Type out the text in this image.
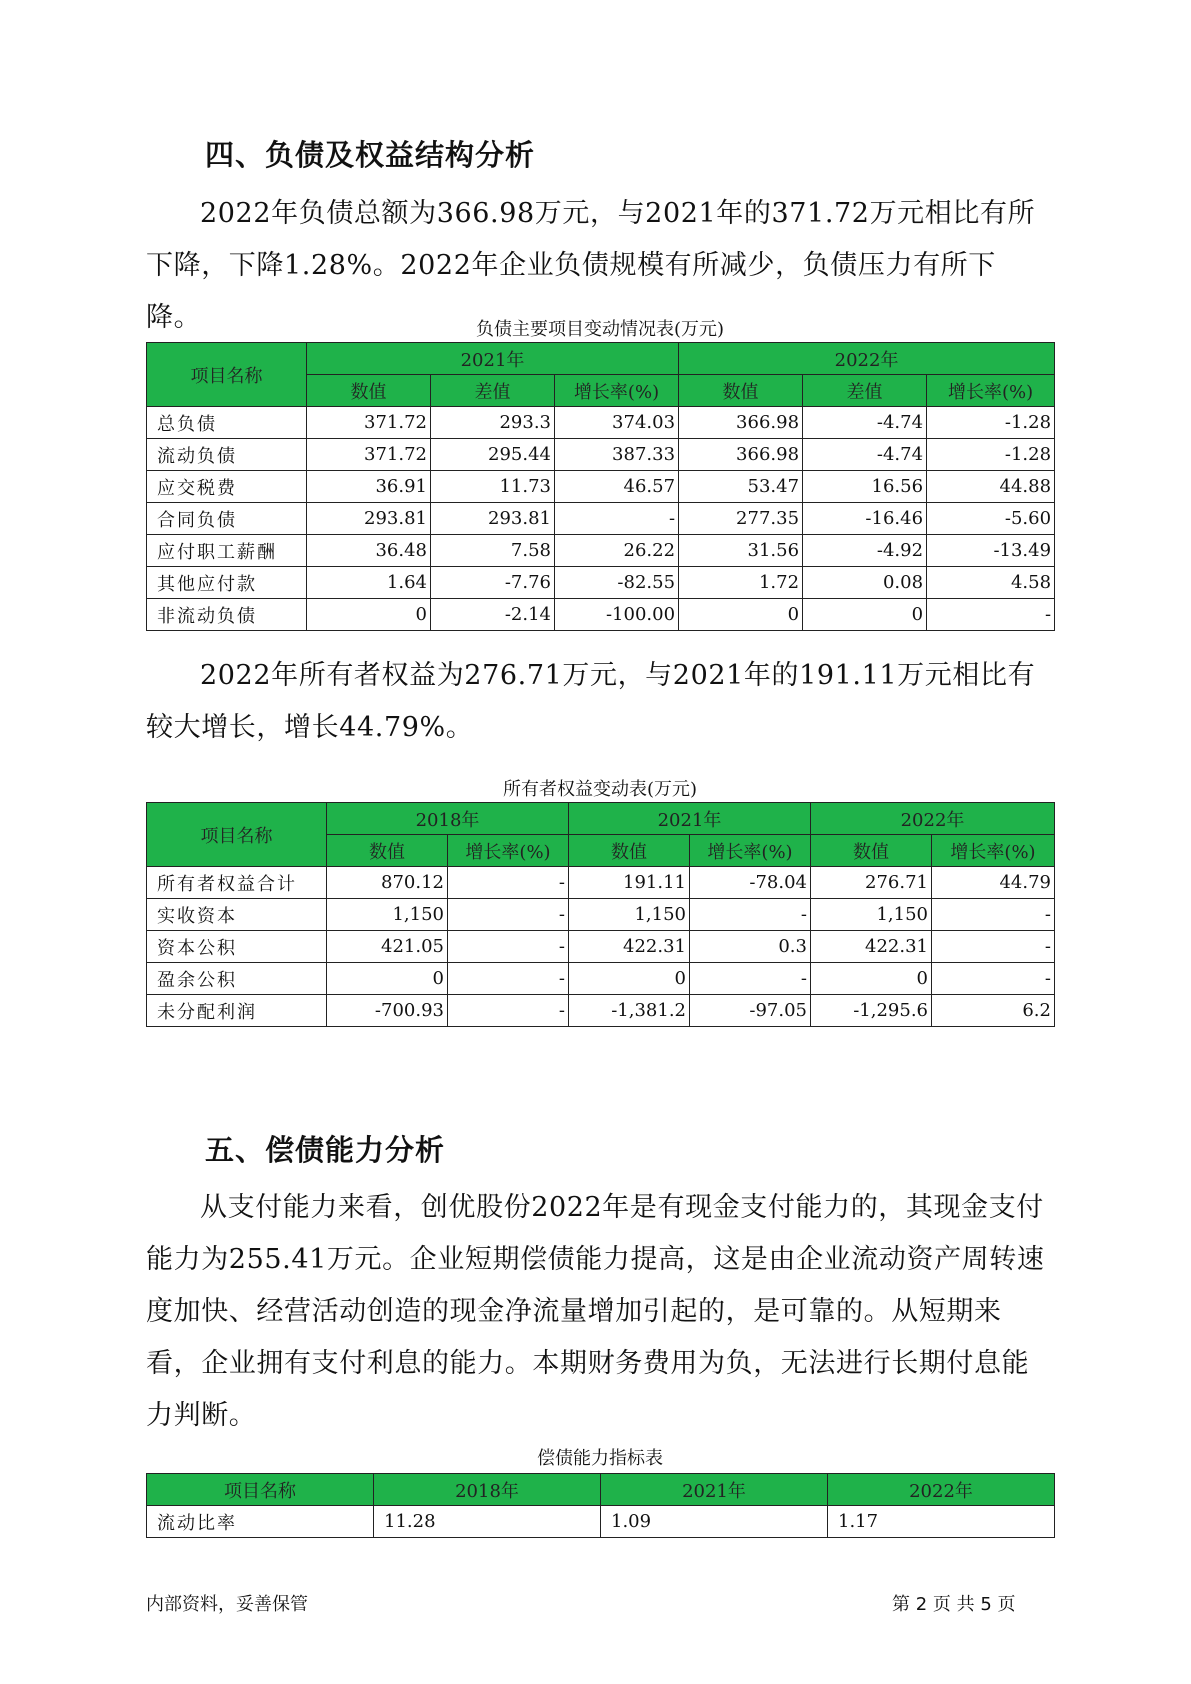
四、负债及权益结构分析

2022年负债总额为366.98万元，与2021年的371.72万元相比有所下降，下降1.28%。2022年企业负债规模有所减少，负债压力有所下降。	负债主要项目变动情况表(万元)
项目名称	2021年			2022年		
	数值	差值	增长率(%)	数值	差值	增长率(%)
总负债	371.72	293.3	374.03	366.98	-4.74	-1.28
流动负债	371.72	295.44	387.33	366.98	-4.74	-1.28
应交税费	36.91	11.73	46.57	53.47	16.56	44.88
合同负债	293.81	293.81	-	277.35	-16.46	-5.60
应付职工薪酬	36.48	7.58	26.22	31.56	-4.92	-13.49
其他应付款	1.64	-7.76	-82.55	1.72	0.08	4.58
非流动负债	0	-2.14	-100.00	0	0	-

2022年所有者权益为276.71万元，与2021年的191.11万元相比有较大增长，增长44.79%。

所有者权益变动表(万元)
项目名称	2018年		2021年		2022年	
	数值	增长率(%)	数值	增长率(%)	数值	增长率(%)
所有者权益合计	870.12	-	191.11	-78.04	276.71	44.79
实收资本	1,150	-	1,150	-	1,150	-
资本公积	421.05	-	422.31	0.3	422.31	-
盈余公积	0	-	0	-	0	-
未分配利润	-700.93	-	-1,381.2	-97.05	-1,295.6	6.2
五、偿债能力分析

从支付能力来看，创优股份2022年是有现金支付能力的，其现金支付能力为255.41万元。企业短期偿债能力提高，这是由企业流动资产周转速度加快、经营活动创造的现金净流量增加引起的，是可靠的。从短期来看，企业拥有支付利息的能力。本期财务费用为负，无法进行长期付息能力判断。

偿债能力指标表
项目名称	2018年	2021年	2022年
流动比率	11.28	1.09	1.17
内部资料，妥善保管	第 2 页 共 5 页
